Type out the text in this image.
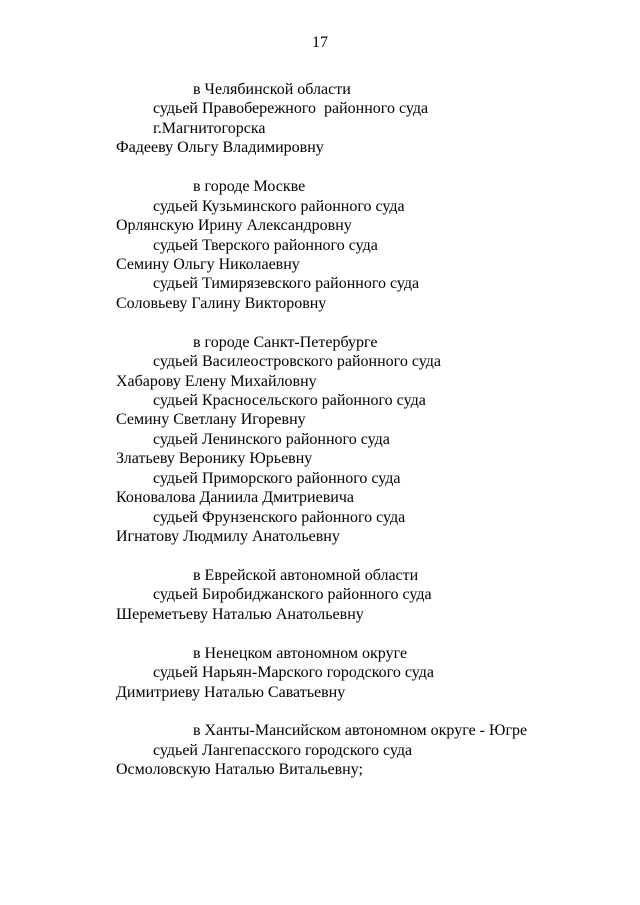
17
в Челябинской области
судьей Правобережного  районного суда
г.Магнитогорска
Фадееву Ольгу Владимировну
в городе Москве
судьей Кузьминского районного суда
Орлянскую Ирину Александровну
судьей Тверского районного суда
Семину Ольгу Николаевну
судьей Тимирязевского районного суда
Соловьеву Галину Викторовну
в городе Санкт-Петербурге
судьей Василеостровского районного суда
Хабарову Елену Михайловну
судьей Красносельского районного суда
Семину Светлану Игоревну
судьей Ленинского районного суда
Златьеву Веронику Юрьевну
судьей Приморского районного суда
Коновалова Даниила Дмитриевича
судьей Фрунзенского районного суда
Игнатову Людмилу Анатольевну
в Еврейской автономной области
судьей Биробиджанского районного суда
Шереметьеву Наталью Анатольевну
в Ненецком автономном округе
судьей Нарьян-Марского городского суда
Димитриеву Наталью Саватьевну
в Ханты-Мансийском автономном округе - Югре
судьей Лангепасского городского суда
Осмоловскую Наталью Витальевну;
